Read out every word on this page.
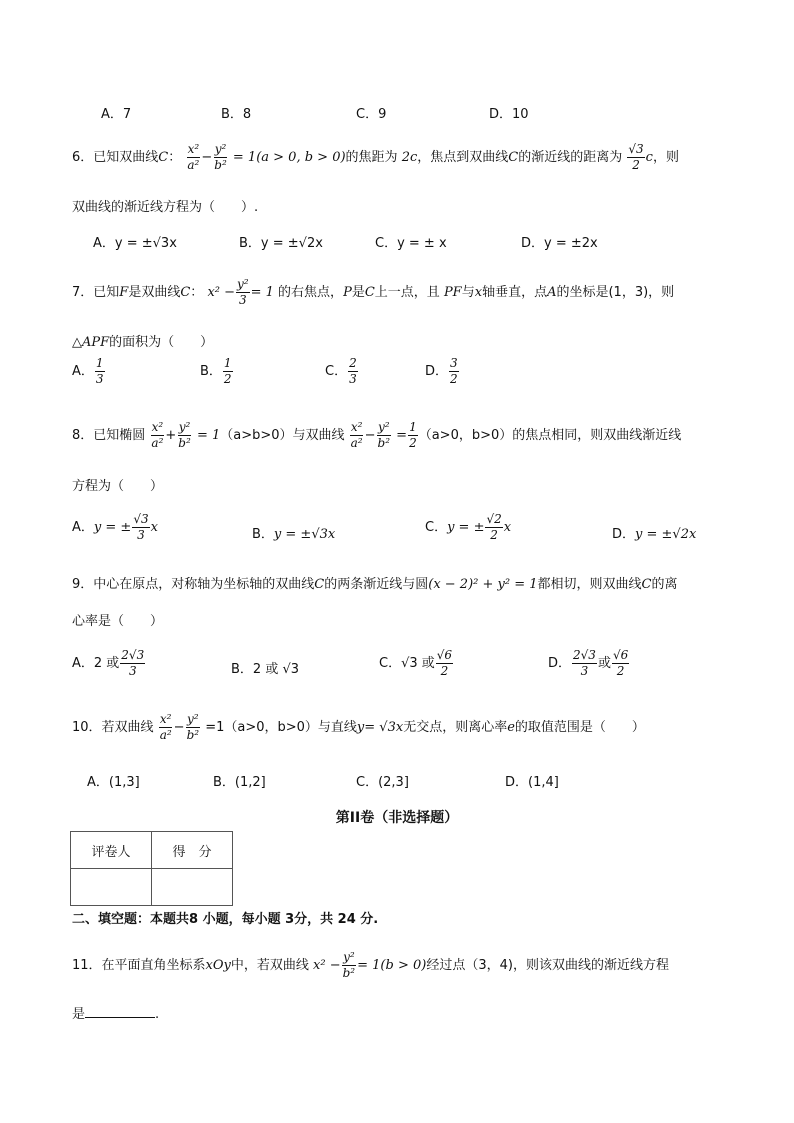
A．7	B．8	C．9	D．10
6．已知双曲线C： $\frac{\text{x²}}{\text{a²}} - \frac{\text{y²}}{\text{b²}} = 1(a > 0$, b > 0)的焦距为 2c，焦点到双曲线C的渐近线的距离为 $\frac{√3}{2}$ c，则
双曲线的渐近线方程为（　　）.
A．y = ±√3x	B．y = ±√2x	C．y = ± x	D．y = ±2x
7．已知F是双曲线C： $x^2 - \frac{\text{y²}}{3} = 1$ 的右焦点，P是C上一点，且 PF与x轴垂直，点A的坐标是(1，3)，则
△APF的面积为（　　）
A． $\frac{1}{3}$	B． $\frac{1}{2}$	C． $\frac{2}{3}$	D． $\frac{3}{2}$
8．已知椭圆 $\frac{\text{x²}}{\text{a²}} + \frac{\text{y²}}{\text{b²}} = 1(a>b>0)$与双曲线 $\frac{\text{x²}}{\text{a²}} - \frac{\text{y²}}{\text{b²}} = \frac{1}{2} (a>0$，b>0）的焦点相同，则双曲线渐近线
方程为（　　）
A．y = ± $\frac{√3}{3}$ x	B．y = ±√3x	C．y = ± $\frac{√2}{2}$ x	D．y = ±√2x
9．中心在原点，对称轴为坐标轴的双曲线C的两条渐近线与圆(x − 2)² + y² = 1都相切，则双曲线C的离
心率是（　　）
A．2 或 $\frac{2√3}{3}$	B．2 或 √3	C．√3 或 $\frac{√6}{2}$	D． $\frac{2√3}{3}$ 或 $\frac{√6}{2}$
10．若双曲线 $\frac{\text{x²}}{\text{a²}} - \frac{\text{y²}}{\text{b²}} =1(a>0$，b>0）与直线y= √3x无交点，则离心率e的取值范围是（　　）
A．(1,3]	B．(1,2]	C．(2,3]	D．(1,4]
第II卷（非选择题）
评卷人	得　分

二、填空题：本题共8 小题，每小题 3分，共 24 分.
11．在平面直角坐标系xOy中，若双曲线 $x^2 - \frac{\text{y²}}{\text{b²}} = 1(b > 0)$经过点（3，4)，则该双曲线的渐近线方程
是	.
